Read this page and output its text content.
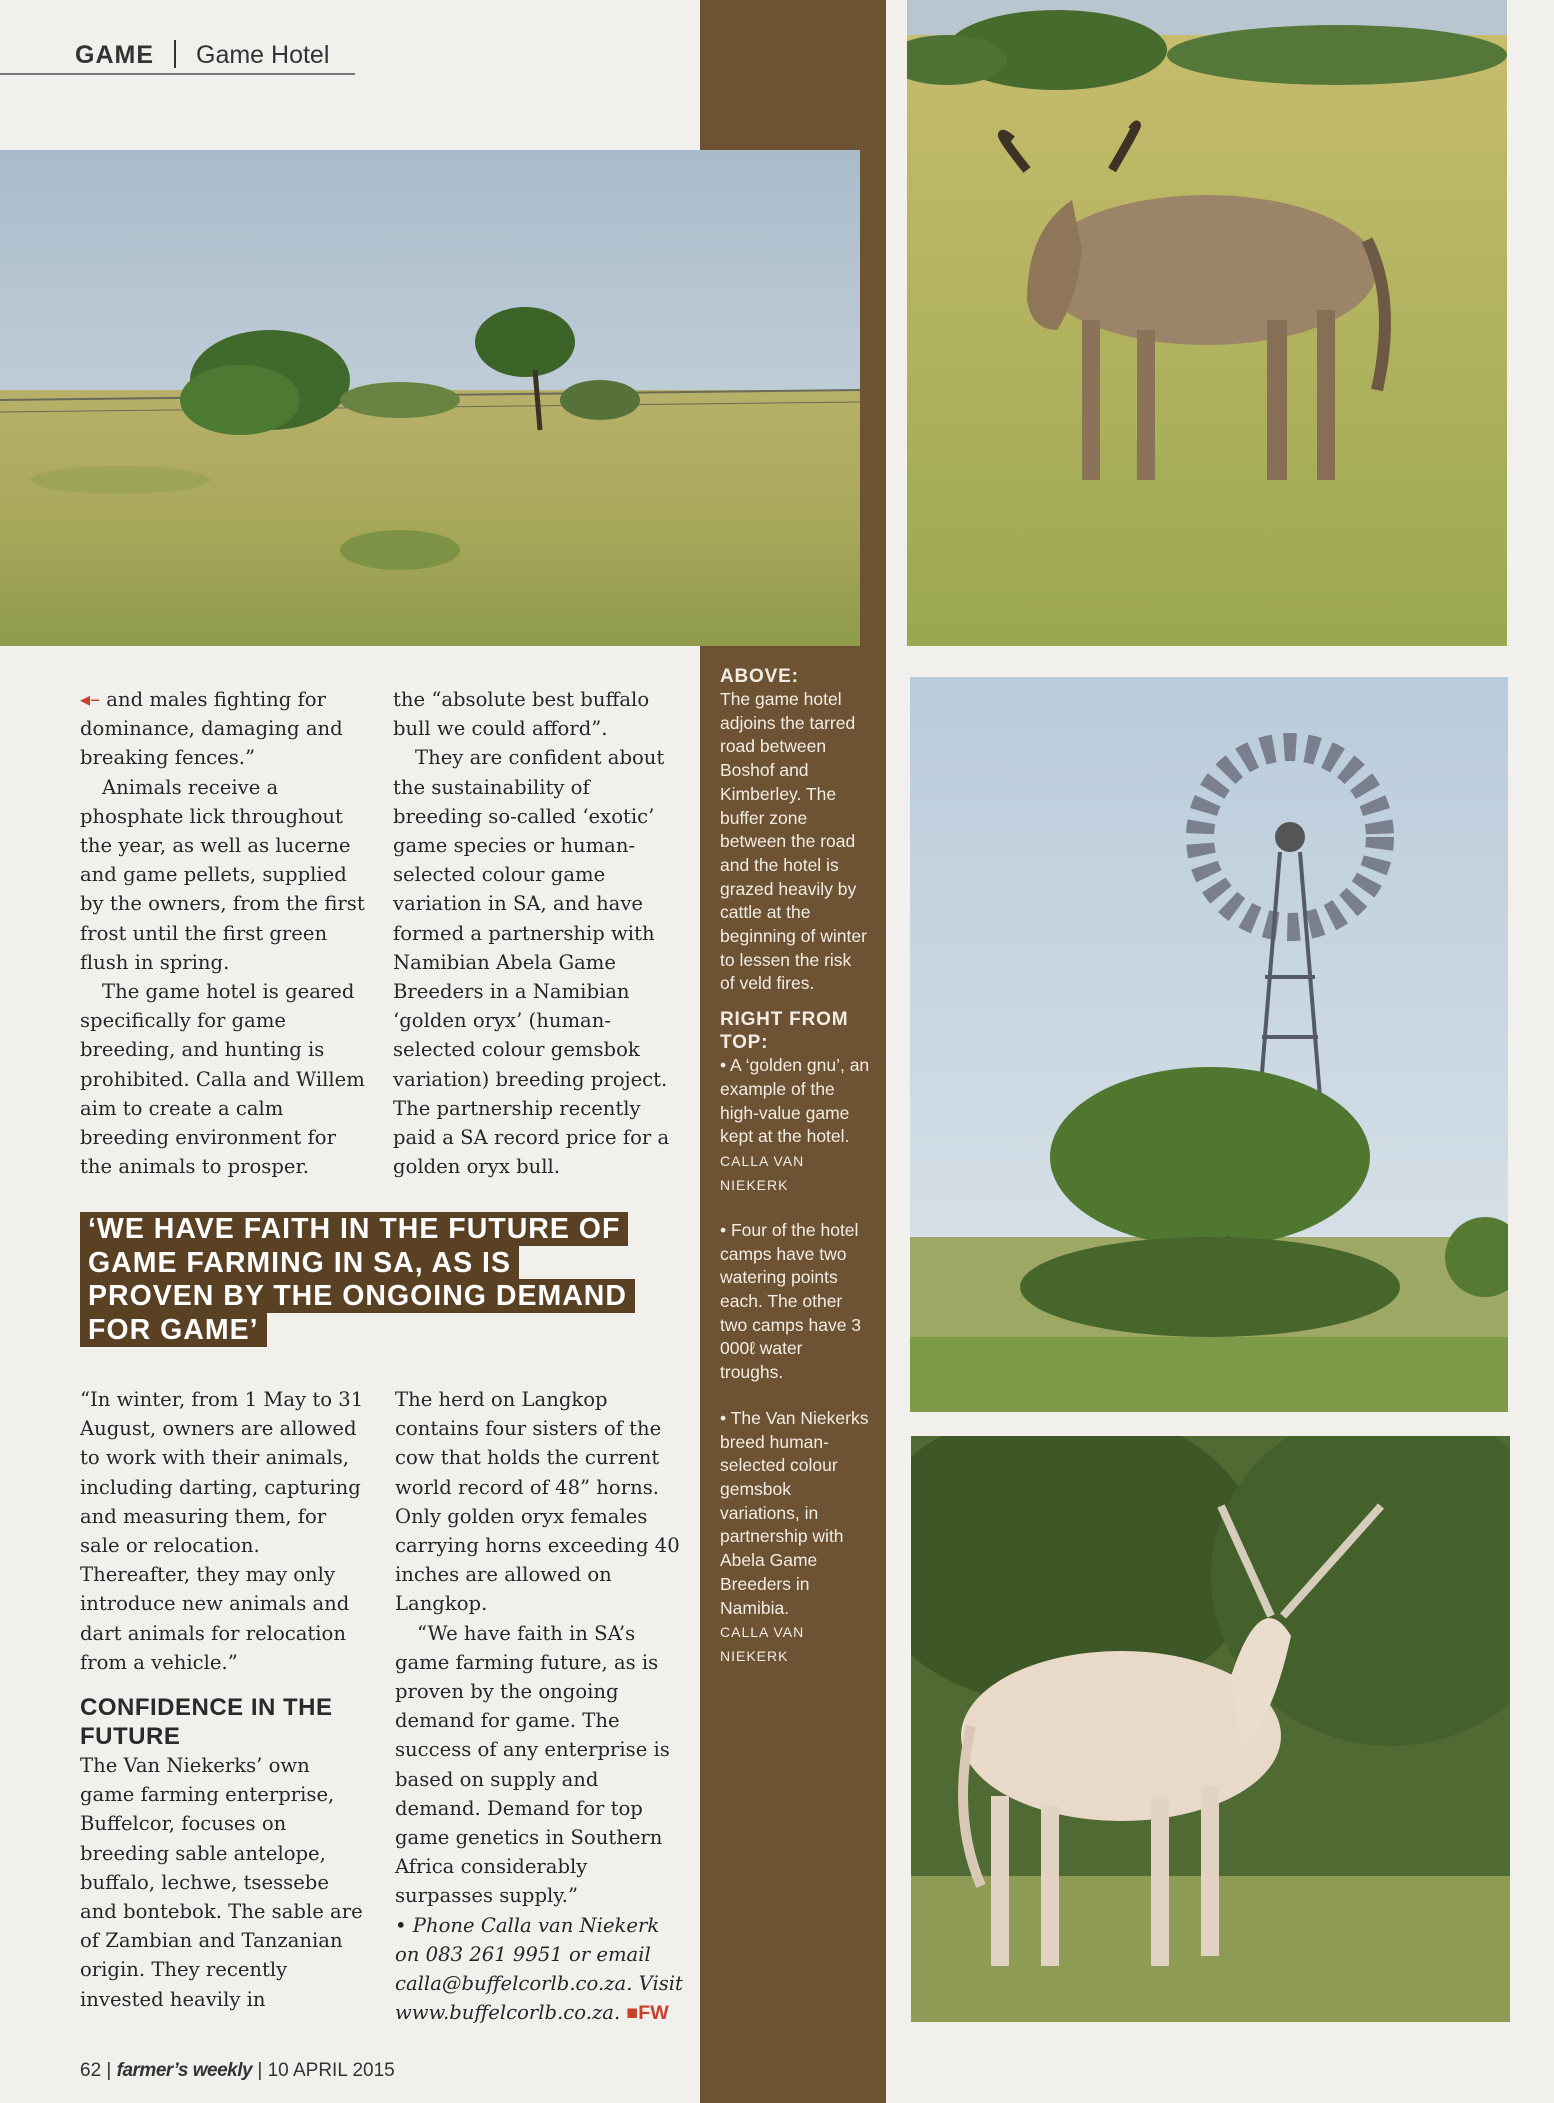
GAME Game Hotel

◂– and males fighting for dominance, damaging and breaking fences.”

Animals receive a phosphate lick throughout the year, as well as lucerne and game pellets, supplied by the owners, from the first frost until the first green flush in spring.

The game hotel is geared specifically for game breeding, and hunting is prohibited. Calla and Willem aim to create a calm breeding environment for the animals to prosper.

the “absolute best buffalo bull we could afford”.

They are confident about the sustainability of breeding so-called ‘exotic’ game species or human-selected colour game variation in SA, and have formed a partnership with Namibian Abela Game Breeders in a Namibian ‘golden oryx’ (human-selected colour gemsbok variation) breeding project. The partnership recently paid a SA record price for a golden oryx bull.

‘WE HAVE FAITH IN THE FUTURE OF GAME FARMING IN SA, AS IS PROVEN BY THE ONGOING DEMAND FOR GAME’

“In winter, from 1 May to 31 August, owners are allowed to work with their animals, including darting, capturing and measuring them, for sale or relocation. Thereafter, they may only introduce new animals and dart animals for relocation from a vehicle.”

CONFIDENCE IN THE FUTURE

The Van Niekerks’ own game farming enterprise, Buffelcor, focuses on breeding sable antelope, buffalo, lechwe, tsessebe and bontebok. The sable are of Zambian and Tanzanian origin. They recently invested heavily in

The herd on Langkop contains four sisters of the cow that holds the current world record of 48” horns. Only golden oryx females carrying horns exceeding 40 inches are allowed on Langkop.

“We have faith in SA’s game farming future, as is proven by the ongoing demand for game. The success of any enterprise is based on supply and demand. Demand for top game genetics in Southern Africa considerably surpasses supply.”

• Phone Calla van Niekerk on 083 261 9951 or email calla@buffelcorlb.co.za. Visit www.buffelcorlb.co.za. ■FW

ABOVE:

The game hotel adjoins the tarred road between Boshof and Kimberley. The buffer zone between the road and the hotel is grazed heavily by cattle at the beginning of winter to lessen the risk of veld fires.

RIGHT FROM TOP:

• A ‘golden gnu’, an example of the high-value game kept at the hotel.

CALLA VAN NIEKERK

• Four of the hotel camps have two watering points each. The other two camps have 3 000ℓ water troughs.

• The Van Niekerks breed human-selected colour gemsbok variations, in partnership with Abela Game Breeders in Namibia.

CALLA VAN NIEKERK

62 | farmer’s weekly | 10 APRIL 2015
